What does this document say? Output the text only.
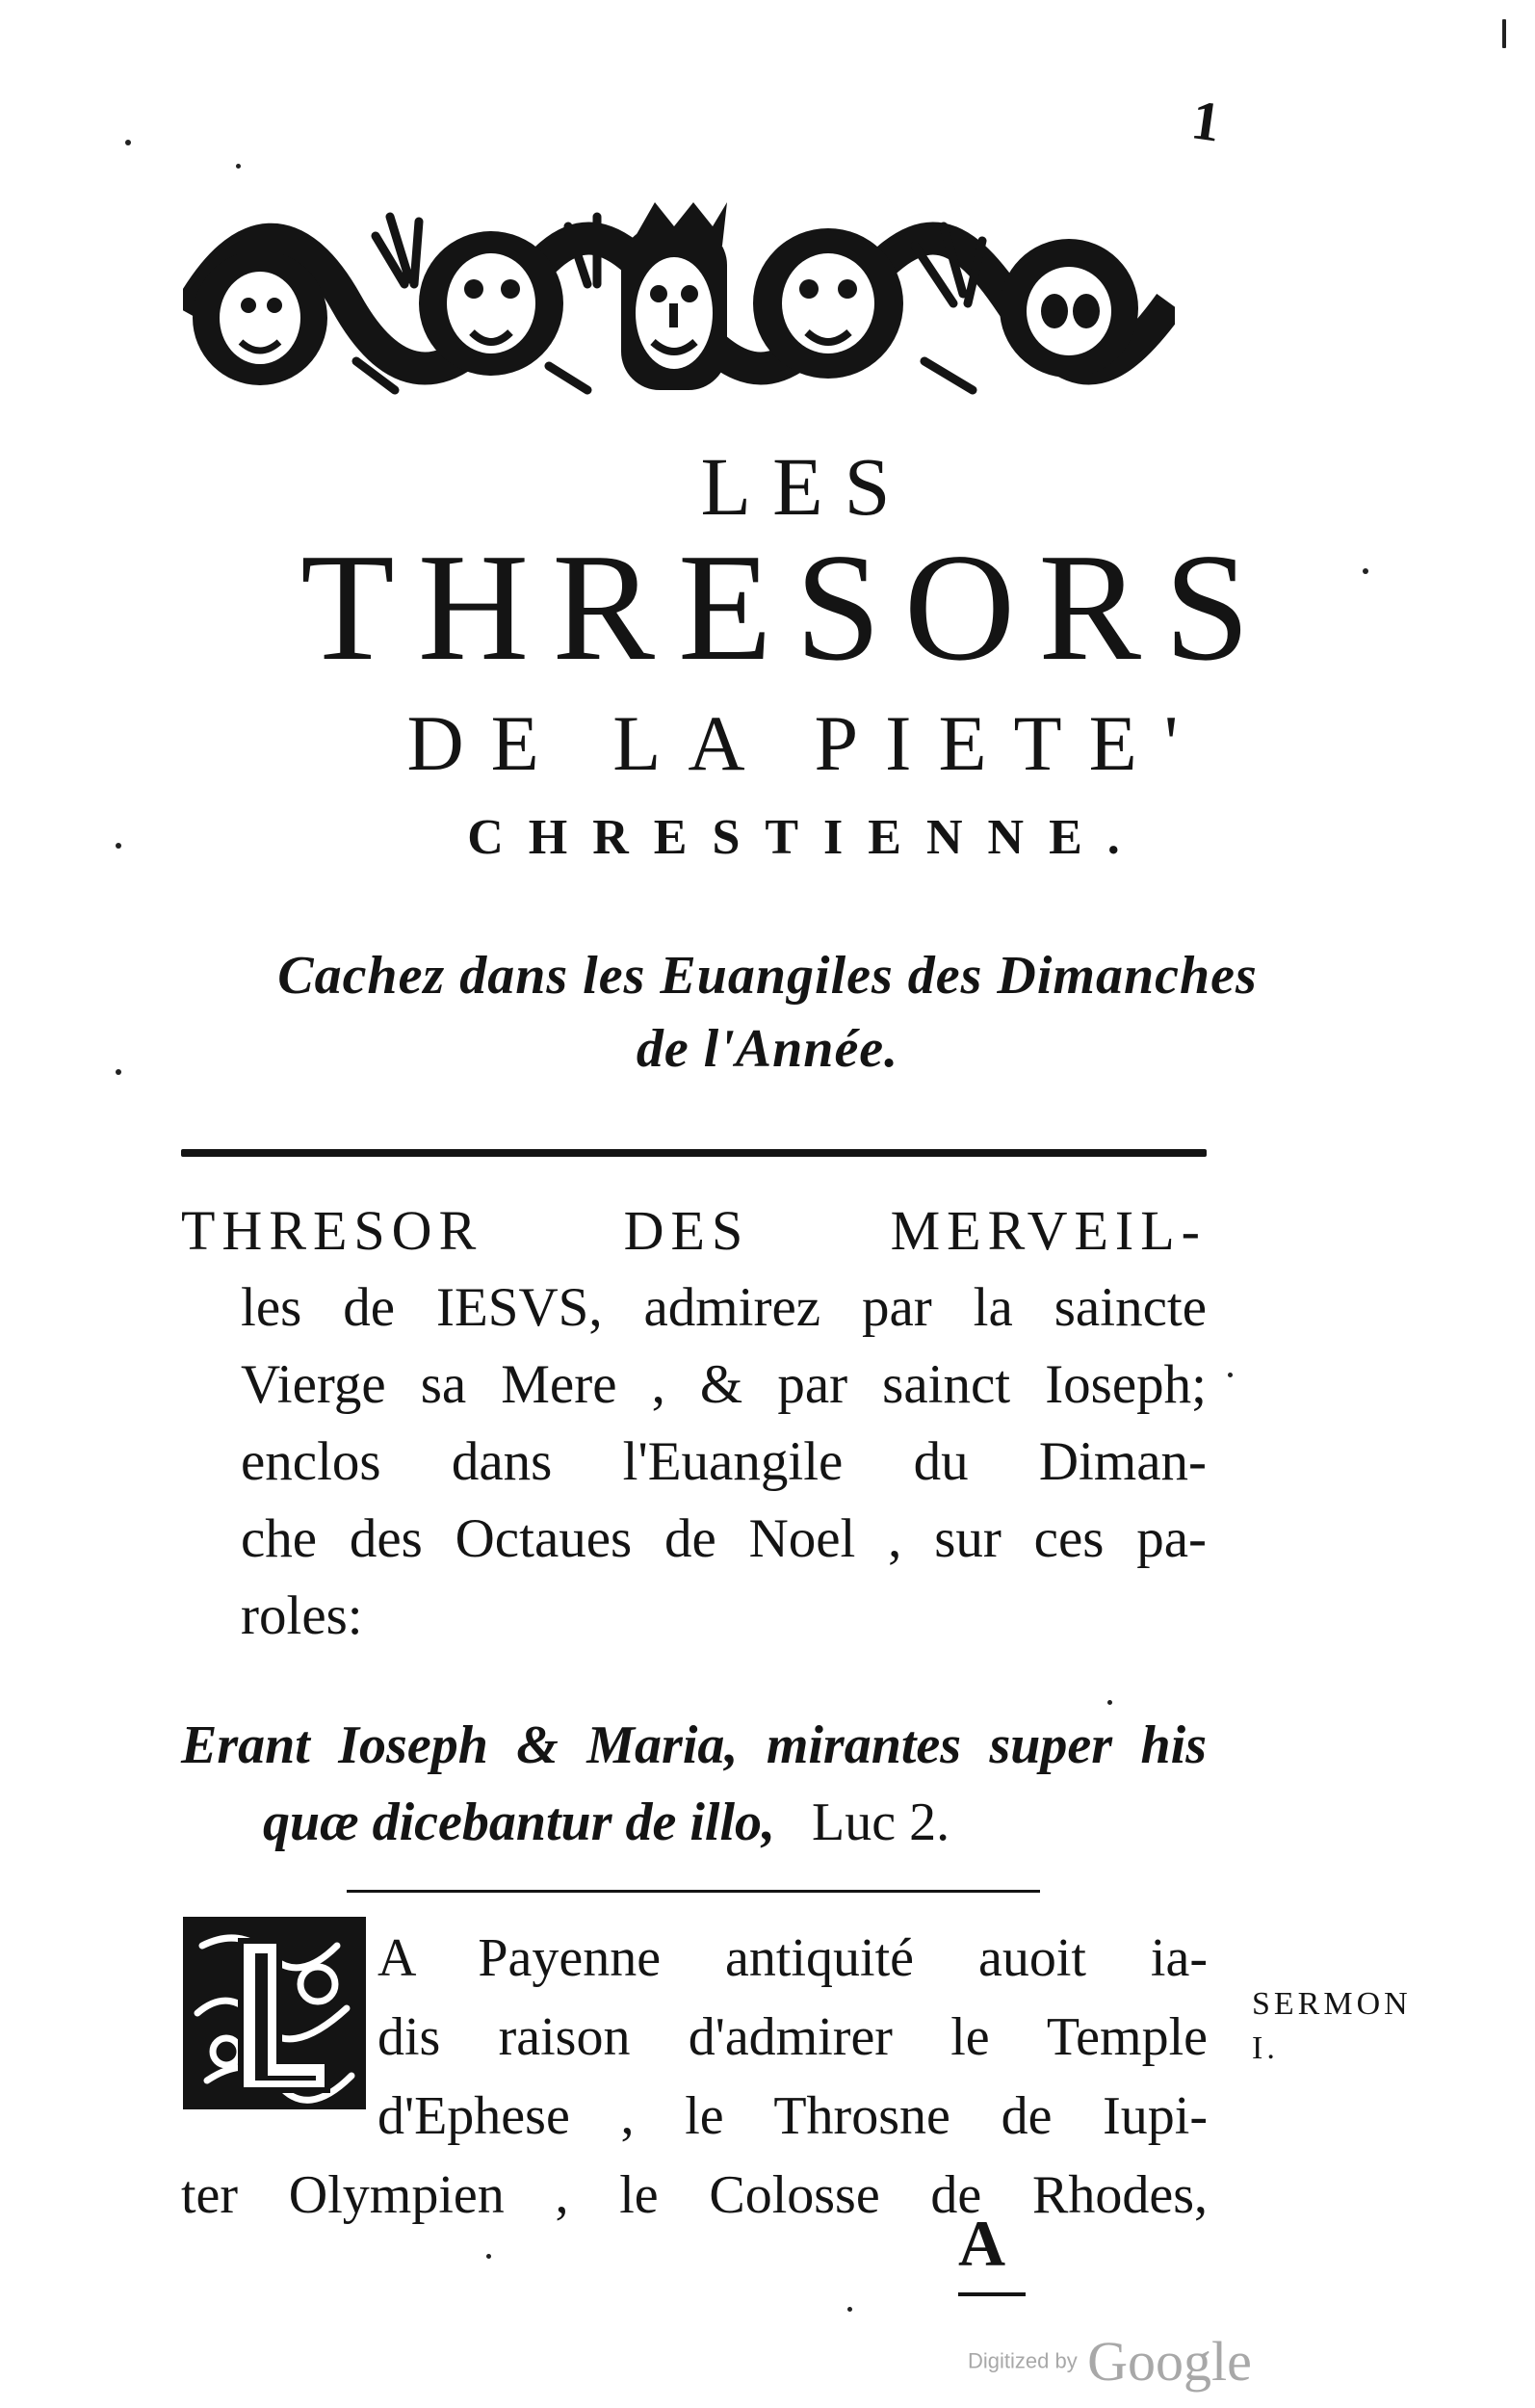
1
LES
THRESORS
DE LA PIETE'
CHRESTIENNE.
Cachez dans les Euangiles des Dimanches
de l'Année.
THRESOR DES MERVEIL-
les de IESVS, admirez par la saincte
Vierge sa Mere , & par sainct Ioseph;
enclos dans l'Euangile du Diman-
che des Octaues de Noel , sur ces pa-
roles:
Erant Ioseph & Maria, mirantes super his
quæ dicebantur de illo, Luc 2.
A Payenne antiquité auoit ia-
dis raison d'admirer le Temple
d'Ephese , le Throsne de Iupi-
ter Olympien , le Colosse de Rhodes,
SERMON
I.
A
Digitized by Google
